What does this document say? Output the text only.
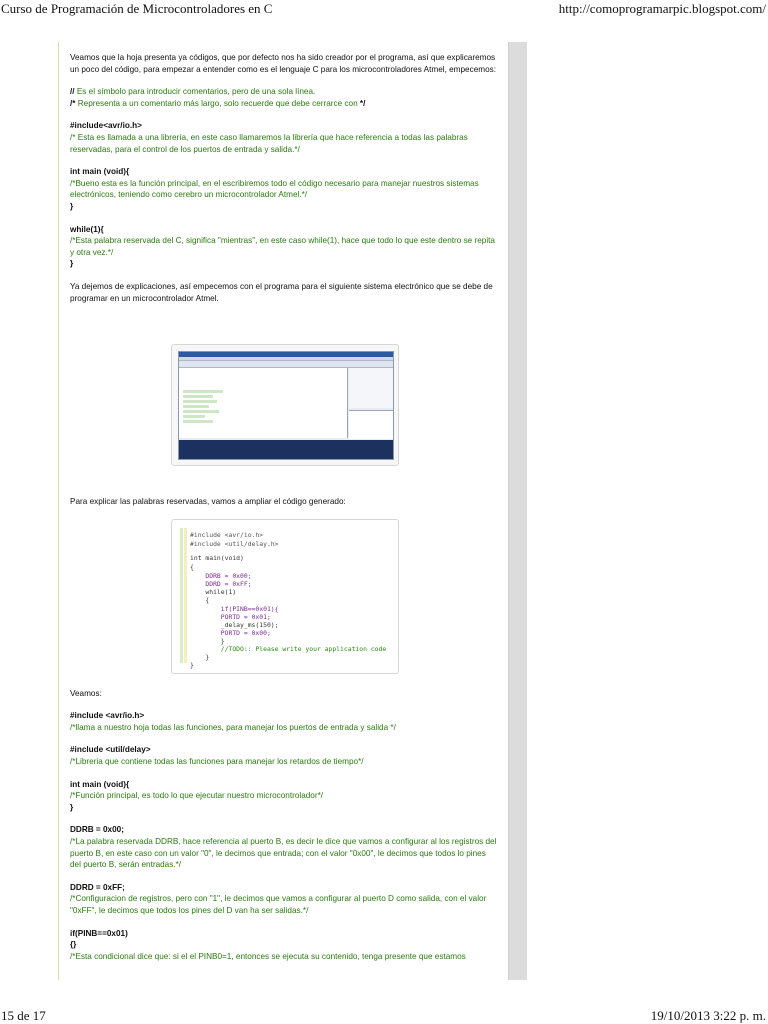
Curso de Programación de Microcontroladores en C	http://comoprogramarpic.blogspot.com/

Veamos que la hoja presenta ya códigos, que por defecto nos ha sido creador por el programa, así que explicaremos un poco del código, para empezar a entender como es el lenguaje C para los microcontroladores Atmel, empecemos:

// Es el símbolo para introducir comentarios, pero de una sola línea.
/* Representa a un comentario más largo, solo recuerde que debe cerrarce con */
#include<avr/io.h>
/* Esta es llamada a una librería, en este caso llamaremos la librería que hace referencia a todas las palabras reservadas, para el control de los puertos de entrada y salida.*/
int main (void){
/*Bueno esta es la función principal, en el escribiremos todo el código necesario para manejar nuestros sistemas electrónicos, teniendo como cerebro un microcontrolador Atmel.*/
}
while(1){
/*Esta palabra reservada del C, significa "mientras", en este caso while(1), hace que todo lo que este dentro se repita y otra vez.*/
}

Ya dejemos de explicaciones, así empecemos con el programa para el siguiente sistema electrónico que se debe de programar en un microcontrolador Atmel.

Para explicar las palabras reservadas, vamos a ampliar el código generado:

#include <avr/io.h>
#include <util/delay.h>
int main(void)
{
DDRB = 0x00;
DDRD = 0xFF;
while(1)
{
if(PINB==0x01){
PORTD = 0x01;
_delay_ms(150);
PORTD = 0x00;
}
//TODO:: Please write your application code
}
}

Veamos:

#include <avr/io.h>
/*llama a nuestro hoja todas las funciones, para manejar los puertos de entrada y salida */
#include <util/delay>
/*Libreria que contiene todas las funciones para manejar los retardos de tiempo*/
int main (void){
/*Función principal, es todo lo que ejecutar nuestro microcontrolador*/
}
DDRB = 0x00;
/*La palabra reservada DDRB, hace referencia al puerto B, es decir le dice que vamos a configurar al los registros del puerto B, en este caso con un valor "0", le decimos que entrada; con el valor "0x00", le decimos que todos lo pines del puerto B, serán entradas.*/
DDRD = 0xFF;
/*Configuracion de registros, pero con "1", le decimos que vamos a configurar al puerto D como salida, con el valor "0xFF", le decimos que todos los pines del D van ha ser salidas.*/
if(PINB==0x01)
{}
/*Esta condicional dice que: si el el PINB0=1, entonces se ejecuta su contenido, tenga presente que estamos
15 de 17	19/10/2013 3:22 p. m.
